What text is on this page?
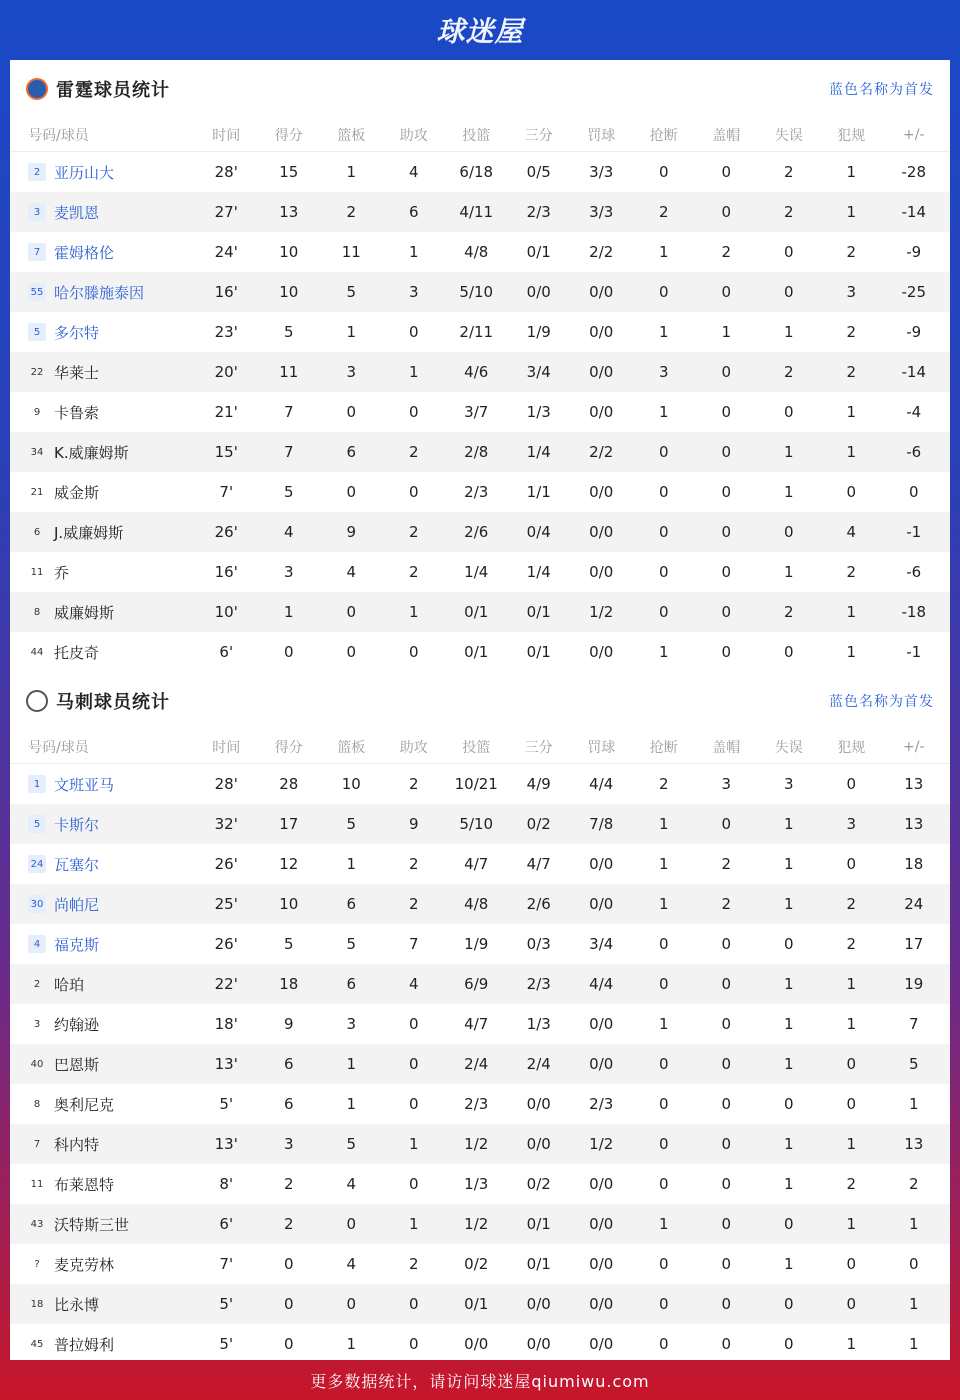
球迷屋
雷霆球员统计	蓝色名称为首发
号码/球员	时间	得分	篮板	助攻	投篮	三分	罚球	抢断	盖帽	失误	犯规	+/-
2 亚历山大	28'	15	1	4	6/18	0/5	3/3	0	0	2	1	-28
3 麦凯恩	27'	13	2	6	4/11	2/3	3/3	2	0	2	1	-14
7 霍姆格伦	24'	10	11	1	4/8	0/1	2/2	1	2	0	2	-9
55 哈尔滕施泰因	16'	10	5	3	5/10	0/0	0/0	0	0	0	3	-25
5 多尔特	23'	5	1	0	2/11	1/9	0/0	1	1	1	2	-9
22 华莱士	20'	11	3	1	4/6	3/4	0/0	3	0	2	2	-14
9 卡鲁索	21'	7	0	0	3/7	1/3	0/0	1	0	0	1	-4
34 K.威廉姆斯	15'	7	6	2	2/8	1/4	2/2	0	0	1	1	-6
21 威金斯	7'	5	0	0	2/3	1/1	0/0	0	0	1	0	0
6 J.威廉姆斯	26'	4	9	2	2/6	0/4	0/0	0	0	0	4	-1
11 乔	16'	3	4	2	1/4	1/4	0/0	0	0	1	2	-6
8 威廉姆斯	10'	1	0	1	0/1	0/1	1/2	0	0	2	1	-18
44 托皮奇	6'	0	0	0	0/1	0/1	0/0	1	0	0	1	-1
马刺球员统计	蓝色名称为首发
号码/球员	时间	得分	篮板	助攻	投篮	三分	罚球	抢断	盖帽	失误	犯规	+/-
1 文班亚马	28'	28	10	2	10/21	4/9	4/4	2	3	3	0	13
5 卡斯尔	32'	17	5	9	5/10	0/2	7/8	1	0	1	3	13
24 瓦塞尔	26'	12	1	2	4/7	4/7	0/0	1	2	1	0	18
30 尚帕尼	25'	10	6	2	4/8	2/6	0/0	1	2	1	2	24
4 福克斯	26'	5	5	7	1/9	0/3	3/4	0	0	0	2	17
2 哈珀	22'	18	6	4	6/9	2/3	4/4	0	0	1	1	19
3 约翰逊	18'	9	3	0	4/7	1/3	0/0	1	0	1	1	7
40 巴恩斯	13'	6	1	0	2/4	2/4	0/0	0	0	1	0	5
8 奥利尼克	5'	6	1	0	2/3	0/0	2/3	0	0	0	0	1
7 科内特	13'	3	5	1	1/2	0/0	1/2	0	0	1	1	13
11 布莱恩特	8'	2	4	0	1/3	0/2	0/0	0	0	1	2	2
43 沃特斯三世	6'	2	0	1	1/2	0/1	0/0	1	0	0	1	1
? 麦克劳林	7'	0	4	2	0/2	0/1	0/0	0	0	1	0	0
18 比永博	5'	0	0	0	0/1	0/0	0/0	0	0	0	0	1
45 普拉姆利	5'	0	1	0	0/0	0/0	0/0	0	0	0	1	1
更多数据统计，请访问球迷屋qiumiwu.com
